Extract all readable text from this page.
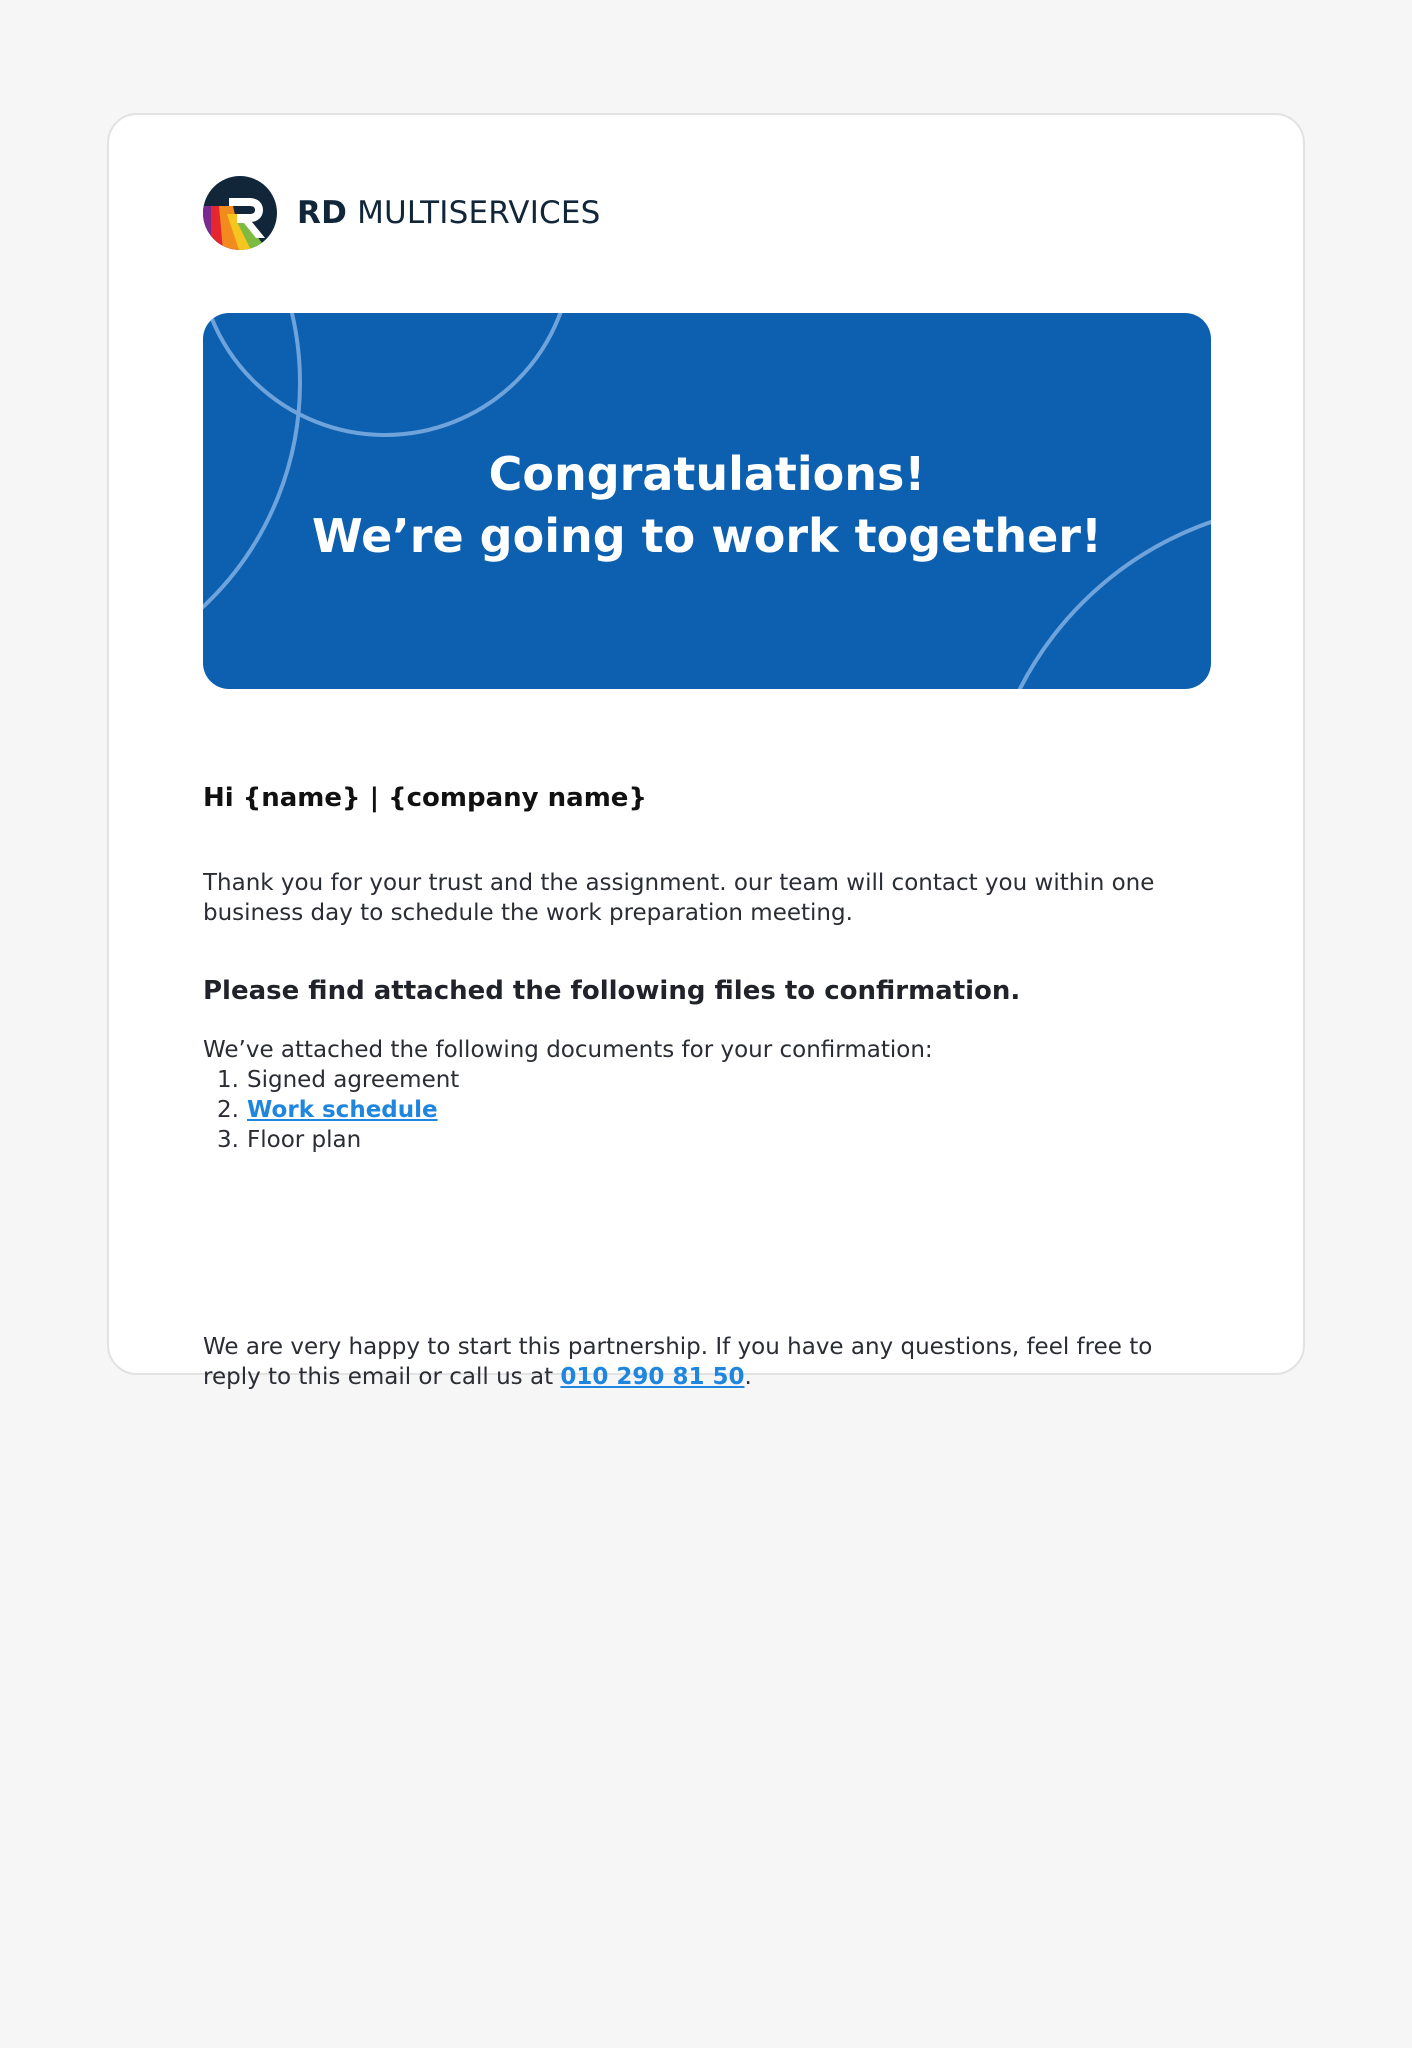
RD MULTISERVICES
Congratulations!
We’re going to work together!
Hi {name} | {company name}
Thank you for your trust and the assignment. our team will contact you within one business day to schedule the work preparation meeting.
Please find attached the following files to confirmation.
We’ve attached the following documents for your confirmation:
1. Signed agreement
2. Work schedule
3. Floor plan
We are very happy to start this partnership. If you have any questions, feel free to reply to this email or call us at 010 290 81 50.
